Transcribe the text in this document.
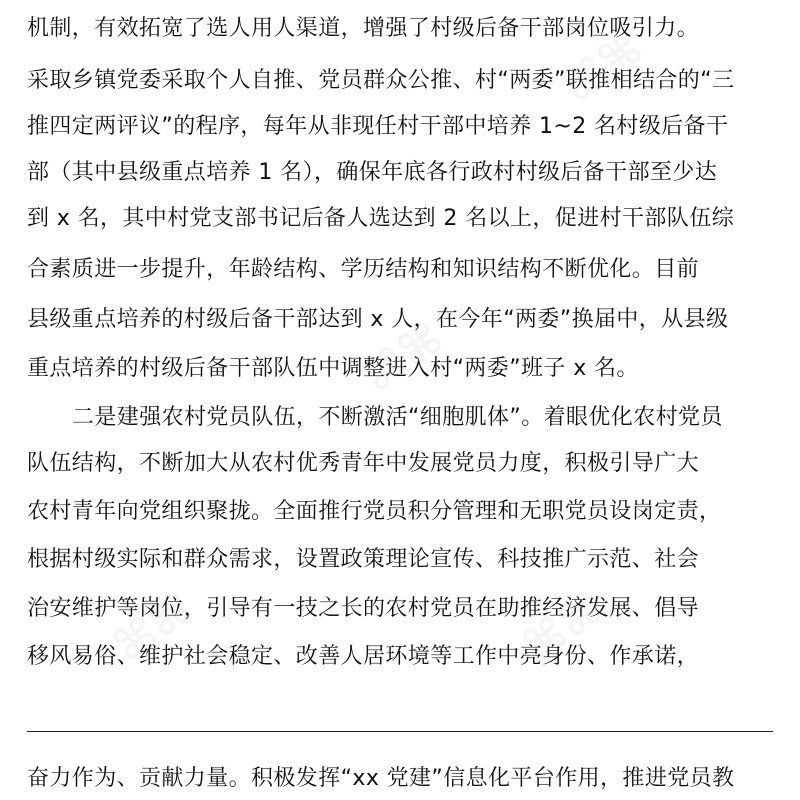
⌘⌘
⌘⌘
⌘⌘	⌘⌘
机制，有效拓宽了选人用人渠道，增强了村级后备干部岗位吸引力。
采取乡镇党委采取个人自推、党员群众公推、村“两委”联推相结合的“三
推四定两评议”的程序，每年从非现任村干部中培养 1~2 名村级后备干
部（其中县级重点培养 1 名），确保年底各行政村村级后备干部至少达
到 x 名，其中村党支部书记后备人选达到 2 名以上，促进村干部队伍综
合素质进一步提升，年龄结构、学历结构和知识结构不断优化。目前
县级重点培养的村级后备干部达到 x 人，在今年“两委”换届中，从县级
重点培养的村级后备干部队伍中调整进入村“两委”班子 x 名。
二是建强农村党员队伍，不断激活“细胞肌体”。着眼优化农村党员
队伍结构，不断加大从农村优秀青年中发展党员力度，积极引导广大
农村青年向党组织聚拢。全面推行党员积分管理和无职党员设岗定责，
根据村级实际和群众需求，设置政策理论宣传、科技推广示范、社会
治安维护等岗位，引导有一技之长的农村党员在助推经济发展、倡导
移风易俗、维护社会稳定、改善人居环境等工作中亮身份、作承诺，
奋力作为、贡献力量。积极发挥“xx 党建”信息化平台作用，推进党员教
